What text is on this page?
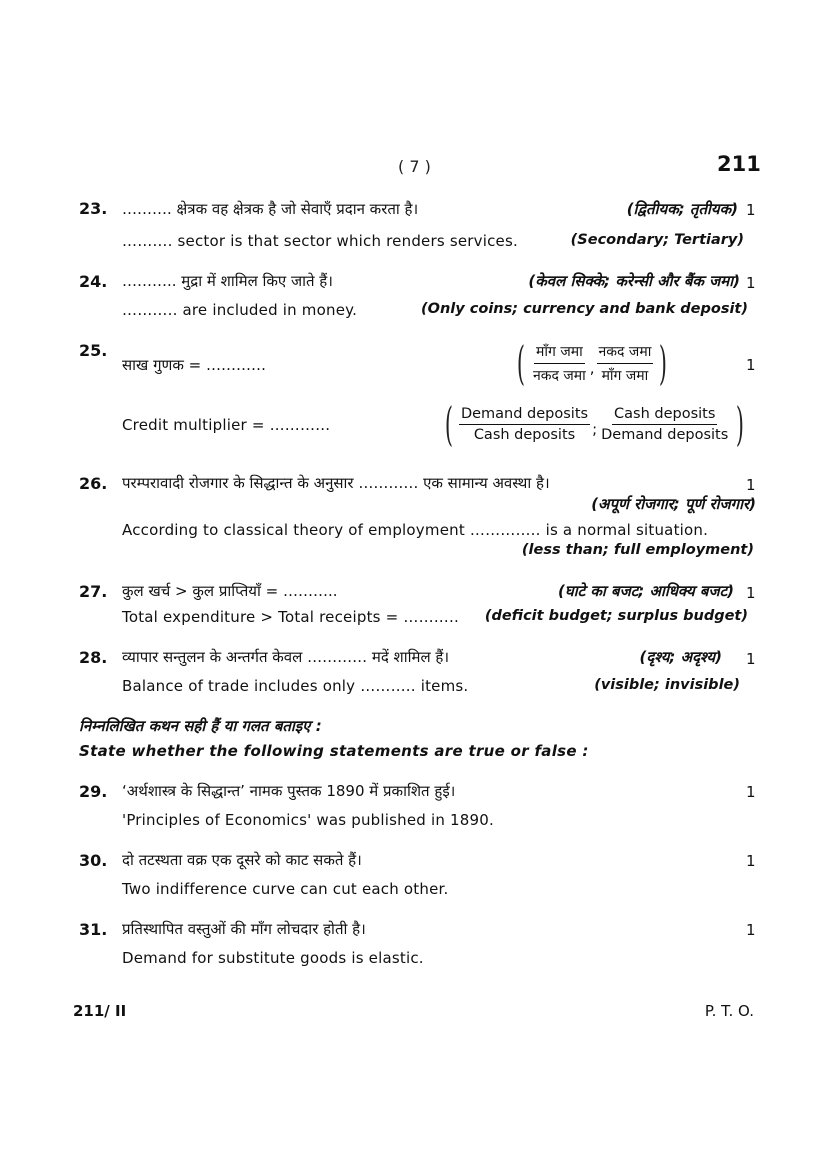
( 7 )	211
23. ………. क्षेत्रक वह क्षेत्रक है जो सेवाएँ प्रदान करता है।	(द्वितीयक; तृतीयक) 1
………. sector is that sector which renders services.	(Secondary; Tertiary)
24. ……….. मुद्रा में शामिल किए जाते हैं।	(केवल सिक्के; करेन्सी और बैंक जमा) 1
……….. are included in money.	(Only coins; currency and bank deposit)
25.
साख गुणक = …………	( $\frac{\text{माँग जमा}}{\text{नकद जमा}}$ , $\frac{\text{नकद जमा}}{\text{माँग जमा}}$ )	1
Credit multiplier = ………… ( $\frac{\text{Demand deposits}}{\text{Cash deposits}}$ ; $\frac{\text{Cash deposits}}{\text{Demand deposits}}$ )
26. परम्परावादी रोजगार के सिद्धान्त के अनुसार ………… एक सामान्य अवस्था है।	1
(अपूर्ण रोजगार; पूर्ण रोजगार)
According to classical theory of employment ………….. is a normal situation.
(less than; full employment)
27. कुल खर्च > कुल प्राप्तियाँ = ………..	(घाटे का बजट; आधिक्य बजट) 1
Total expenditure > Total receipts = ……….. (deficit budget; surplus budget)
28. व्यापार सन्तुलन के अन्तर्गत केवल ………… मदें शामिल हैं।	(दृश्य; अदृश्य) 1
Balance of trade includes only ……….. items.	(visible; invisible)
निम्नलिखित कथन सही हैं या गलत बताइए :
State whether the following statements are true or false :
29. ‘अर्थशास्त्र के सिद्धान्त’ नामक पुस्तक 1890 में प्रकाशित हुई।	1
'Principles of Economics' was published in 1890.
30. दो तटस्थता वक्र एक दूसरे को काट सकते हैं।	1
Two indifference curve can cut each other.
31. प्रतिस्थापित वस्तुओं की माँग लोचदार होती है।	1
Demand for substitute goods is elastic.
211/ II	P. T. O.
